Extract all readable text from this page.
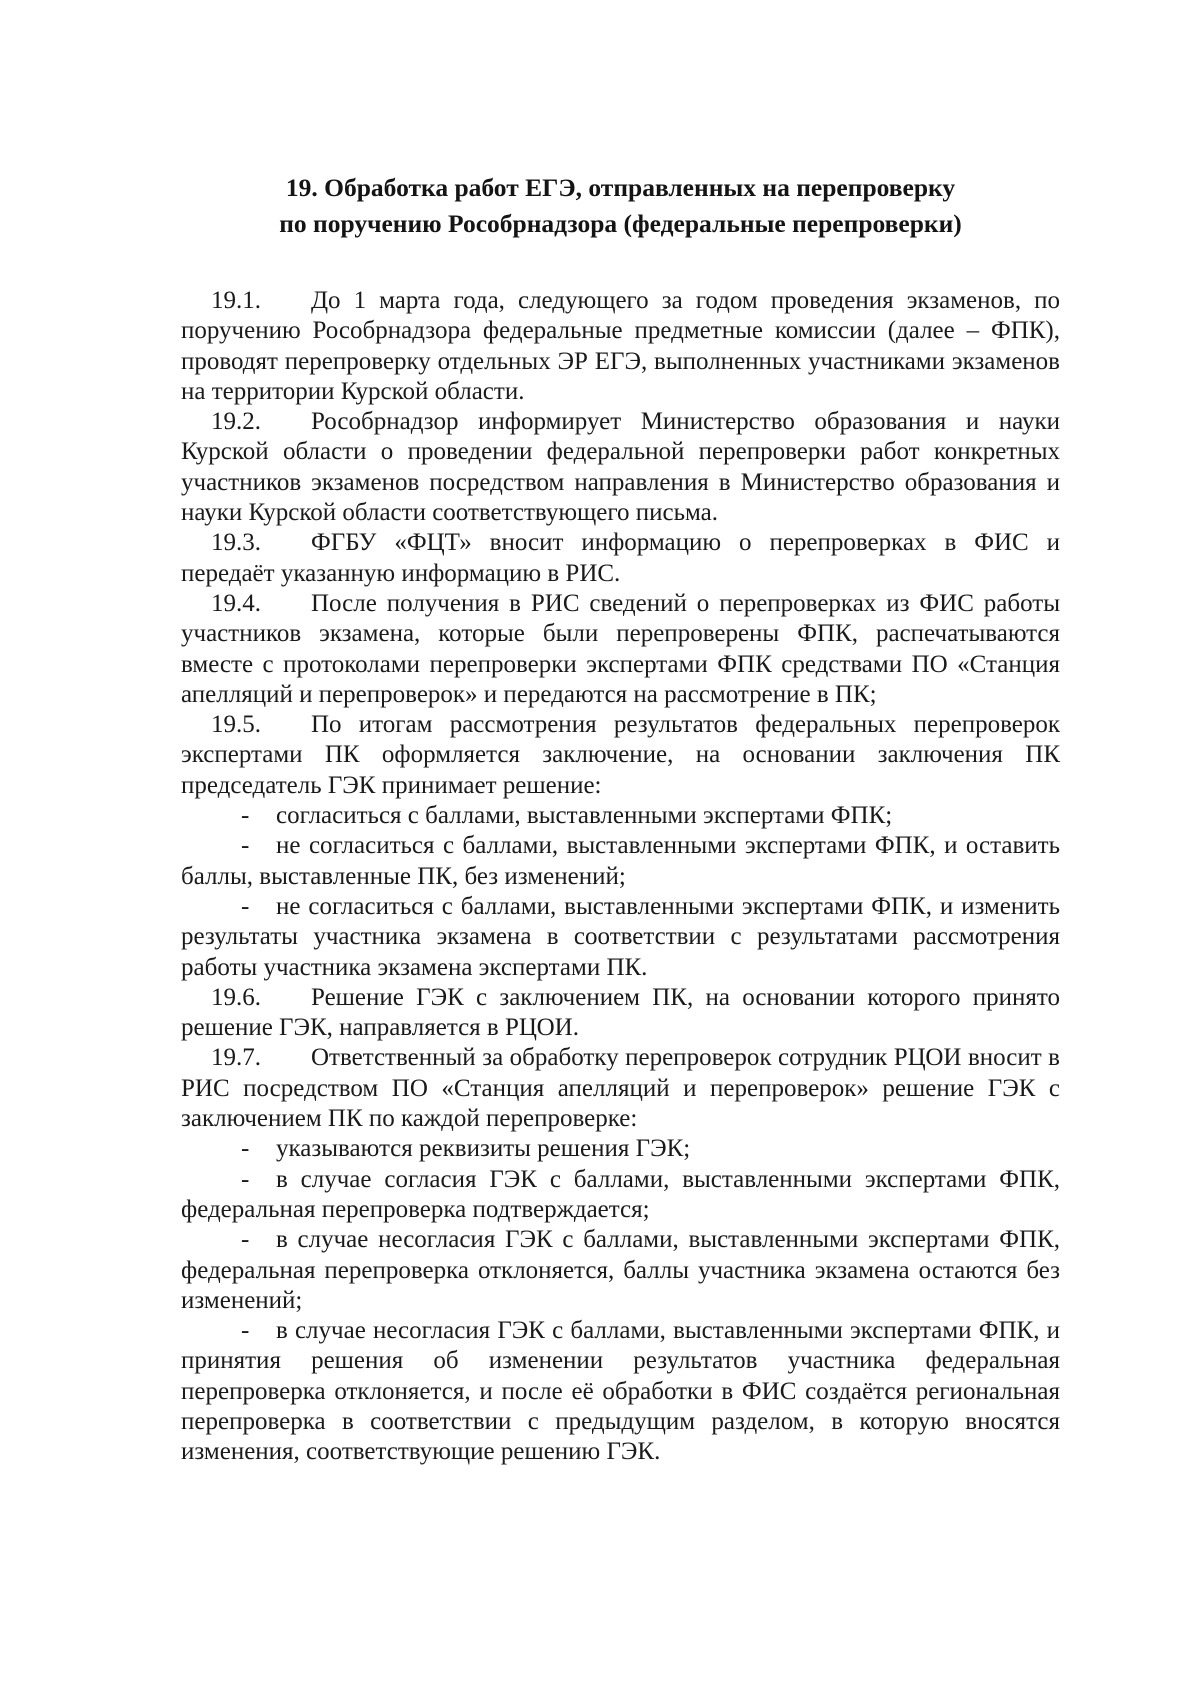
19. Обработка работ ЕГЭ, отправленных на перепроверку
по поручению Рособрнадзора (федеральные перепроверки)

19.1. До 1 марта года, следующего за годом проведения экзаменов, по поручению Рособрнадзора федеральные предметные комиссии (далее – ФПК), проводят перепроверку отдельных ЭР ЕГЭ, выполненных участниками экзаменов на территории Курской области.

19.2. Рособрнадзор информирует Министерство образования и науки Курской области о проведении федеральной перепроверки работ конкретных участников экзаменов посредством направления в Министерство образования и науки Курской области соответствующего письма.

19.3. ФГБУ «ФЦТ» вносит информацию о перепроверках в ФИС и передаёт указанную информацию в РИС.

19.4. После получения в РИС сведений о перепроверках из ФИС работы участников экзамена, которые были перепроверены ФПК, распечатываются вместе с протоколами перепроверки экспертами ФПК средствами ПО «Станция апелляций и перепроверок» и передаются на рассмотрение в ПК;

19.5. По итогам рассмотрения результатов федеральных перепроверок экспертами ПК оформляется заключение, на основании заключения ПК председатель ГЭК принимает решение:

- согласиться с баллами, выставленными экспертами ФПК;

- не согласиться с баллами, выставленными экспертами ФПК, и оставить баллы, выставленные ПК, без изменений;

- не согласиться с баллами, выставленными экспертами ФПК, и изменить результаты участника экзамена в соответствии с результатами рассмотрения работы участника экзамена экспертами ПК.

19.6. Решение ГЭК с заключением ПК, на основании которого принято решение ГЭК, направляется в РЦОИ.

19.7. Ответственный за обработку перепроверок сотрудник РЦОИ вносит в РИС посредством ПО «Станция апелляций и перепроверок» решение ГЭК с заключением ПК по каждой перепроверке:

- указываются реквизиты решения ГЭК;

- в случае согласия ГЭК с баллами, выставленными экспертами ФПК, федеральная перепроверка подтверждается;

- в случае несогласия ГЭК с баллами, выставленными экспертами ФПК, федеральная перепроверка отклоняется, баллы участника экзамена остаются без изменений;

- в случае несогласия ГЭК с баллами, выставленными экспертами ФПК, и принятия решения об изменении результатов участника федеральная перепроверка отклоняется, и после её обработки в ФИС создаётся региональная перепроверка в соответствии с предыдущим разделом, в которую вносятся изменения, соответствующие решению ГЭК.
